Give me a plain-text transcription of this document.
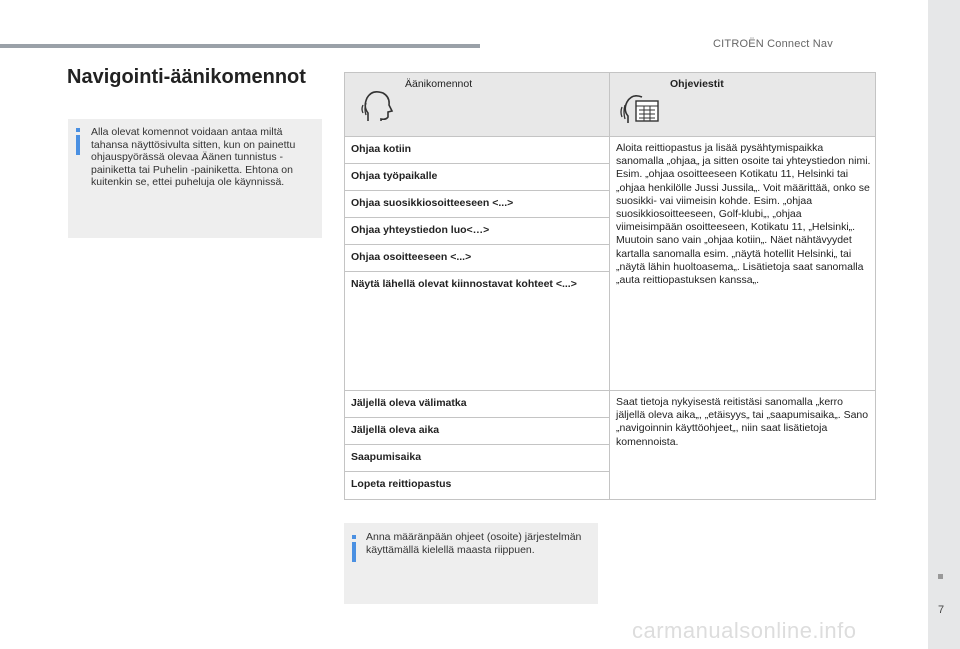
CITROËN Connect Nav
7
Navigointi-äänikomennot

Alla olevat komennot voidaan antaa miltä tahansa näyttösivulta sitten, kun on painettu ohjauspyörässä olevaa Äänen tunnistus -painiketta tai Puhelin -painiketta. Ehtona on kuitenkin se, ettei puheluja ole käynnissä.

Äänikomennot	Ohjeviestit
Ohjaa kotiin
Ohjaa työpaikalle
Ohjaa suosikkiosoitteeseen <...>
Ohjaa yhteystiedon luo<…>
Ohjaa osoitteeseen <...>
Näytä lähellä olevat kiinnostavat kohteet <...>

Aloita reittiopastus ja lisää pysähtymispaikka sanomalla „ohjaa„ ja sitten osoite tai yhteystiedon nimi. Esim. „ohjaa osoitteeseen Kotikatu 11, Helsinki tai „ohjaa henkilölle Jussi Jussila„. Voit määrittää, onko se suosikki- vai viimeisin kohde. Esim. „ohjaa suosikkiosoitteeseen, Golf-klubi„, „ohjaa viimeisimpään osoitteeseen, Kotikatu 11, „Helsinki„. Muutoin sano vain „ohjaa kotiin„. Näet nähtävyydet kartalla sanomalla esim. „näytä hotellit Helsinki„ tai „näytä lähin huoltoasema„. Lisätietoja saat sanomalla „auta reittiopastuksen kanssa„.

Jäljellä oleva välimatka
Jäljellä oleva aika
Saapumisaika
Lopeta reittiopastus

Saat tietoja nykyisestä reitistäsi sanomalla „kerro jäljellä oleva aika„, „etäisyys„ tai „saapumisaika„. Sano „navigoinnin käyttöohjeet„, niin saat lisätietoja komennoista.

Anna määränpään ohjeet (osoite) järjestelmän käyttämällä kielellä maasta riippuen.

carmanualsonline.info
